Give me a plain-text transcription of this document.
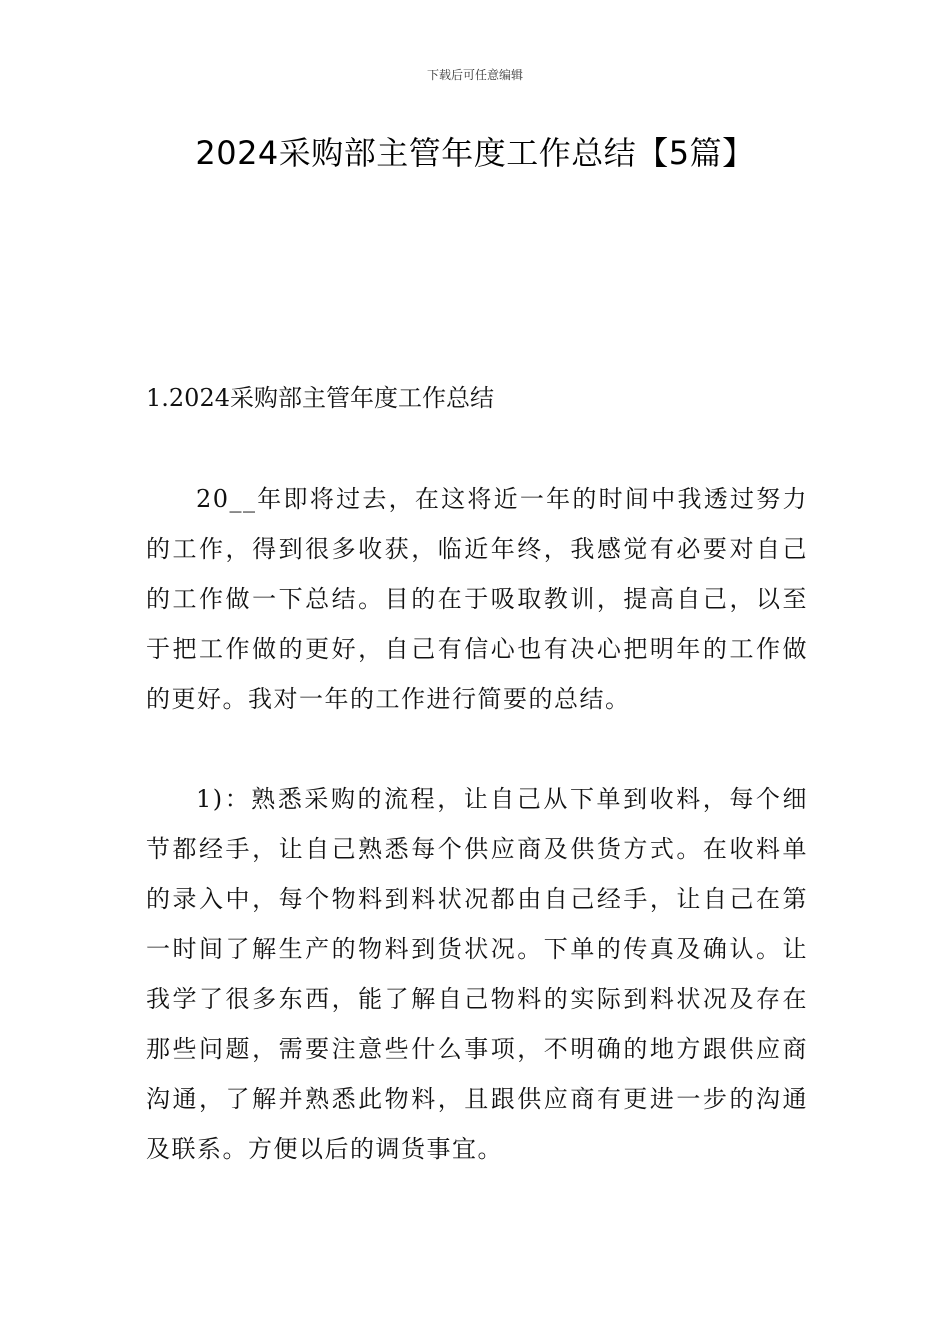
下载后可任意编辑
2024采购部主管年度工作总结【5篇】
1.2024采购部主管年度工作总结

20__年即将过去，在这将近一年的时间中我透过努力的工作，得到很多收获，临近年终，我感觉有必要对自己的工作做一下总结。目的在于吸取教训，提高自己，以至于把工作做的更好，自己有信心也有决心把明年的工作做的更好。我对一年的工作进行简要的总结。

1)：熟悉采购的流程，让自己从下单到收料，每个细节都经手，让自己熟悉每个供应商及供货方式。在收料单的录入中，每个物料到料状况都由自己经手，让自己在第一时间了解生产的物料到货状况。下单的传真及确认。让我学了很多东西，能了解自己物料的实际到料状况及存在那些问题，需要注意些什么事项，不明确的地方跟供应商沟通，了解并熟悉此物料，且跟供应商有更进一步的沟通及联系。方便以后的调货事宜。
